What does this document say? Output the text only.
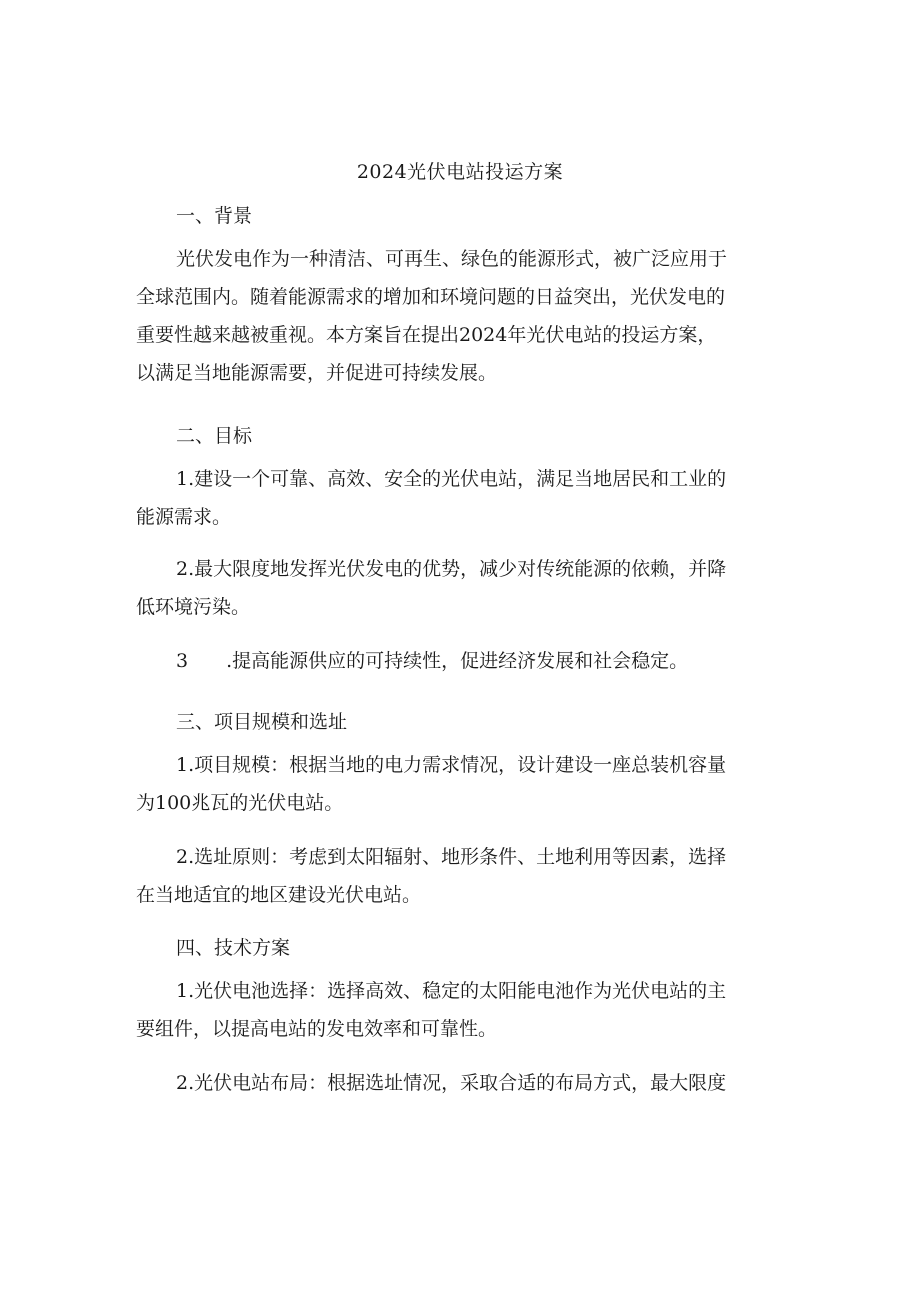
2024光伏电站投运方案
一、背景
光伏发电作为一种清洁、可再生、绿色的能源形式，被广泛应用于
全球范围内。随着能源需求的增加和环境问题的日益突出，光伏发电的
重要性越来越被重视。本方案旨在提出2024年光伏电站的投运方案，
以满足当地能源需要，并促进可持续发展。
二、目标
1.建设一个可靠、高效、安全的光伏电站，满足当地居民和工业的
能源需求。
2.最大限度地发挥光伏发电的优势，减少对传统能源的依赖，并降
低环境污染。
3　　.提高能源供应的可持续性，促进经济发展和社会稳定。
三、项目规模和选址
1.项目规模：根据当地的电力需求情况，设计建设一座总装机容量
为100兆瓦的光伏电站。
2.选址原则：考虑到太阳辐射、地形条件、土地利用等因素，选择
在当地适宜的地区建设光伏电站。
四、技术方案
1.光伏电池选择：选择高效、稳定的太阳能电池作为光伏电站的主
要组件，以提高电站的发电效率和可靠性。
2.光伏电站布局：根据选址情况，采取合适的布局方式，最大限度
